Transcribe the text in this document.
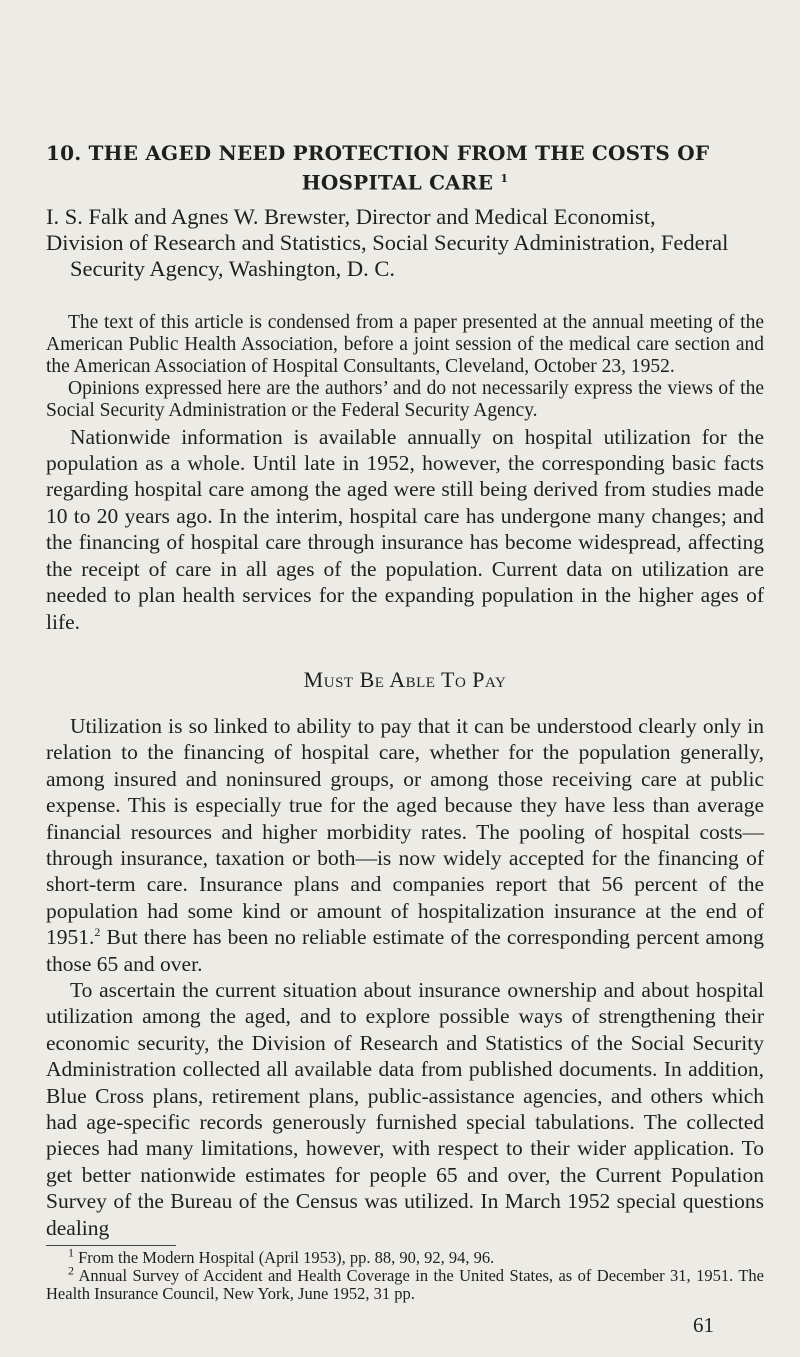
10. THE AGED NEED PROTECTION FROM THE COSTS OF
HOSPITAL CARE $^1$
I. S. Falk and Agnes W. Brewster, Director and Medical Economist,
Division of Research and Statistics, Social Security Administration, Federal Security Agency, Washington, D. C.

The text of this article is condensed from a paper presented at the annual meeting of the American Public Health Association, before a joint session of the medical care section and the American Association of Hospital Consultants, Cleveland, October 23, 1952.

Opinions expressed here are the authors’ and do not necessarily express the views of the Social Security Administration or the Federal Security Agency.

Nationwide information is available annually on hospital utilization for the population as a whole. Until late in 1952, however, the corresponding basic facts regarding hospital care among the aged were still being derived from studies made 10 to 20 years ago. In the interim, hospital care has undergone many changes; and the financing of hospital care through insurance has become widespread, affecting the receipt of care in all ages of the population. Current data on utilization are needed to plan health services for the expanding population in the higher ages of life.

Must Be Able To Pay

Utilization is so linked to ability to pay that it can be understood clearly only in relation to the financing of hospital care, whether for the population generally, among insured and noninsured groups, or among those receiving care at public expense. This is especially true for the aged because they have less than average financial resources and higher morbidity rates. The pooling of hospital costs—through insurance, taxation or both—is now widely accepted for the financing of short-term care. Insurance plans and companies report that 56 percent of the population had some kind or amount of hospitalization insurance at the end of 1951.$^2$ But there has been no reliable estimate of the corresponding percent among those 65 and over.

To ascertain the current situation about insurance ownership and about hospital utilization among the aged, and to explore possible ways of strengthening their economic security, the Division of Research and Statistics of the Social Security Administration collected all available data from published documents. In addition, Blue Cross plans, retirement plans, public-assistance agencies, and others which had age-specific records generously furnished special tabulations. The collected pieces had many limitations, however, with respect to their wider application. To get better nationwide estimates for people 65 and over, the Current Population Survey of the Bureau of the Census was utilized. In March 1952 special questions dealing

$^1$ From the Modern Hospital (April 1953), pp. 88, 90, 92, 94, 96.

$^2$ Annual Survey of Accident and Health Coverage in the United States, as of December 31, 1951. The Health Insurance Council, New York, June 1952, 31 pp.

61
